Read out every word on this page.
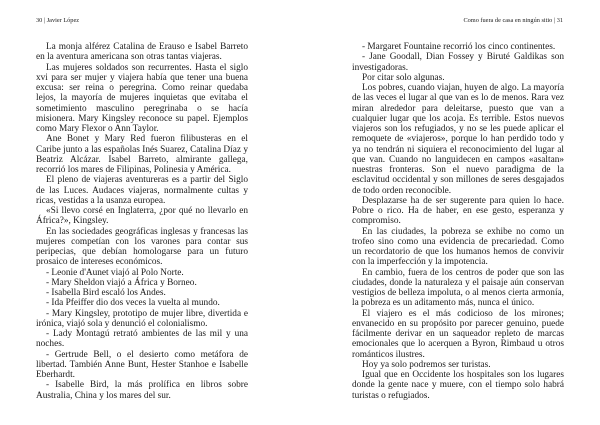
30 | Javier López	Como fuera de casa en ningún sitio | 31

La monja alférez Catalina de Erauso e Isabel Barreto en la aventura americana son otras tantas viajeras.

Las mujeres soldados son recurrentes. Hasta el siglo xvi para ser mujer y viajera había que tener una buena excusa: ser reina o peregrina. Como reinar quedaba lejos, la mayoría de mujeres inquietas que evitaba el sometimiento masculino peregrinaba o se hacía misionera. Mary Kingsley reconoce su papel. Ejemplos como Mary Flexor o Ann Taylor.

Ane Bonet y Mary Red fueron filibusteras en el Caribe junto a las españolas Inés Suarez, Catalina Díaz y Beatriz Alcázar. Isabel Barreto, almirante gallega, recorrió los mares de Filipinas, Polinesia y América.

El pleno de viajeras aventureras es a partir del Siglo de las Luces. Audaces viajeras, normalmente cultas y ricas, vestidas a la usanza europea.

«Si llevo corsé en Inglaterra, ¿por qué no llevarlo en África?», Kingsley.

En las sociedades geográficas inglesas y francesas las mujeres competían con los varones para contar sus peripecias, que debían homologarse para un futuro prosaico de intereses económicos.

- Leonie d'Aunet viajó al Polo Norte.

- Mary Sheldon viajó a África y Borneo.

- Isabella Bird escaló los Andes.

- Ida Pfeiffer dio dos veces la vuelta al mundo.

- Mary Kingsley, prototipo de mujer libre, divertida e irónica, viajó sola y denunció el colonialismo.

- Lady Montagú retrató ambientes de las mil y una noches.

- Gertrude Bell, o el desierto como metáfora de libertad. También Anne Bunt, Hester Stanhoe e Isabelle Eberhardt.

- Isabelle Bird, la más prolífica en libros sobre Australia, China y los mares del sur.

- Margaret Fountaine recorrió los cinco continentes.

- Jane Goodall, Dian Fossey y Biruté Galdikas son investigadoras.

Por citar solo algunas.

Los pobres, cuando viajan, huyen de algo. La mayoría de las veces el lugar al que van es lo de menos. Rara vez miran alrededor para deleitarse, puesto que van a cualquier lugar que los acoja. Es terrible. Estos nuevos viajeros son los refugiados, y no se les puede aplicar el remoquete de «viajeros», porque lo han perdido todo y ya no tendrán ni siquiera el reconocimiento del lugar al que van. Cuando no languidecen en campos «asaltan» nuestras fronteras. Son el nuevo paradigma de la esclavitud occidental y son millones de seres desgajados de todo orden reconocible.

Desplazarse ha de ser sugerente para quien lo hace. Pobre o rico. Ha de haber, en ese gesto, esperanza y compromiso.

En las ciudades, la pobreza se exhibe no como un trofeo sino como una evidencia de precariedad. Como un recordatorio de que los humanos hemos de convivir con la imperfección y la impotencia.

En cambio, fuera de los centros de poder que son las ciudades, donde la naturaleza y el paisaje aún conservan vestigios de belleza impoluta, o al menos cierta armonía, la pobreza es un aditamento más, nunca el único.

El viajero es el más codicioso de los mirones; envanecido en su propósito por parecer genuino, puede fácilmente derivar en un saqueador repleto de marcas emocionales que lo acerquen a Byron, Rimbaud u otros románticos ilustres.

Hoy ya solo podremos ser turistas.

Igual que en Occidente los hospitales son los lugares donde la gente nace y muere, con el tiempo solo habrá turistas o refugiados.
